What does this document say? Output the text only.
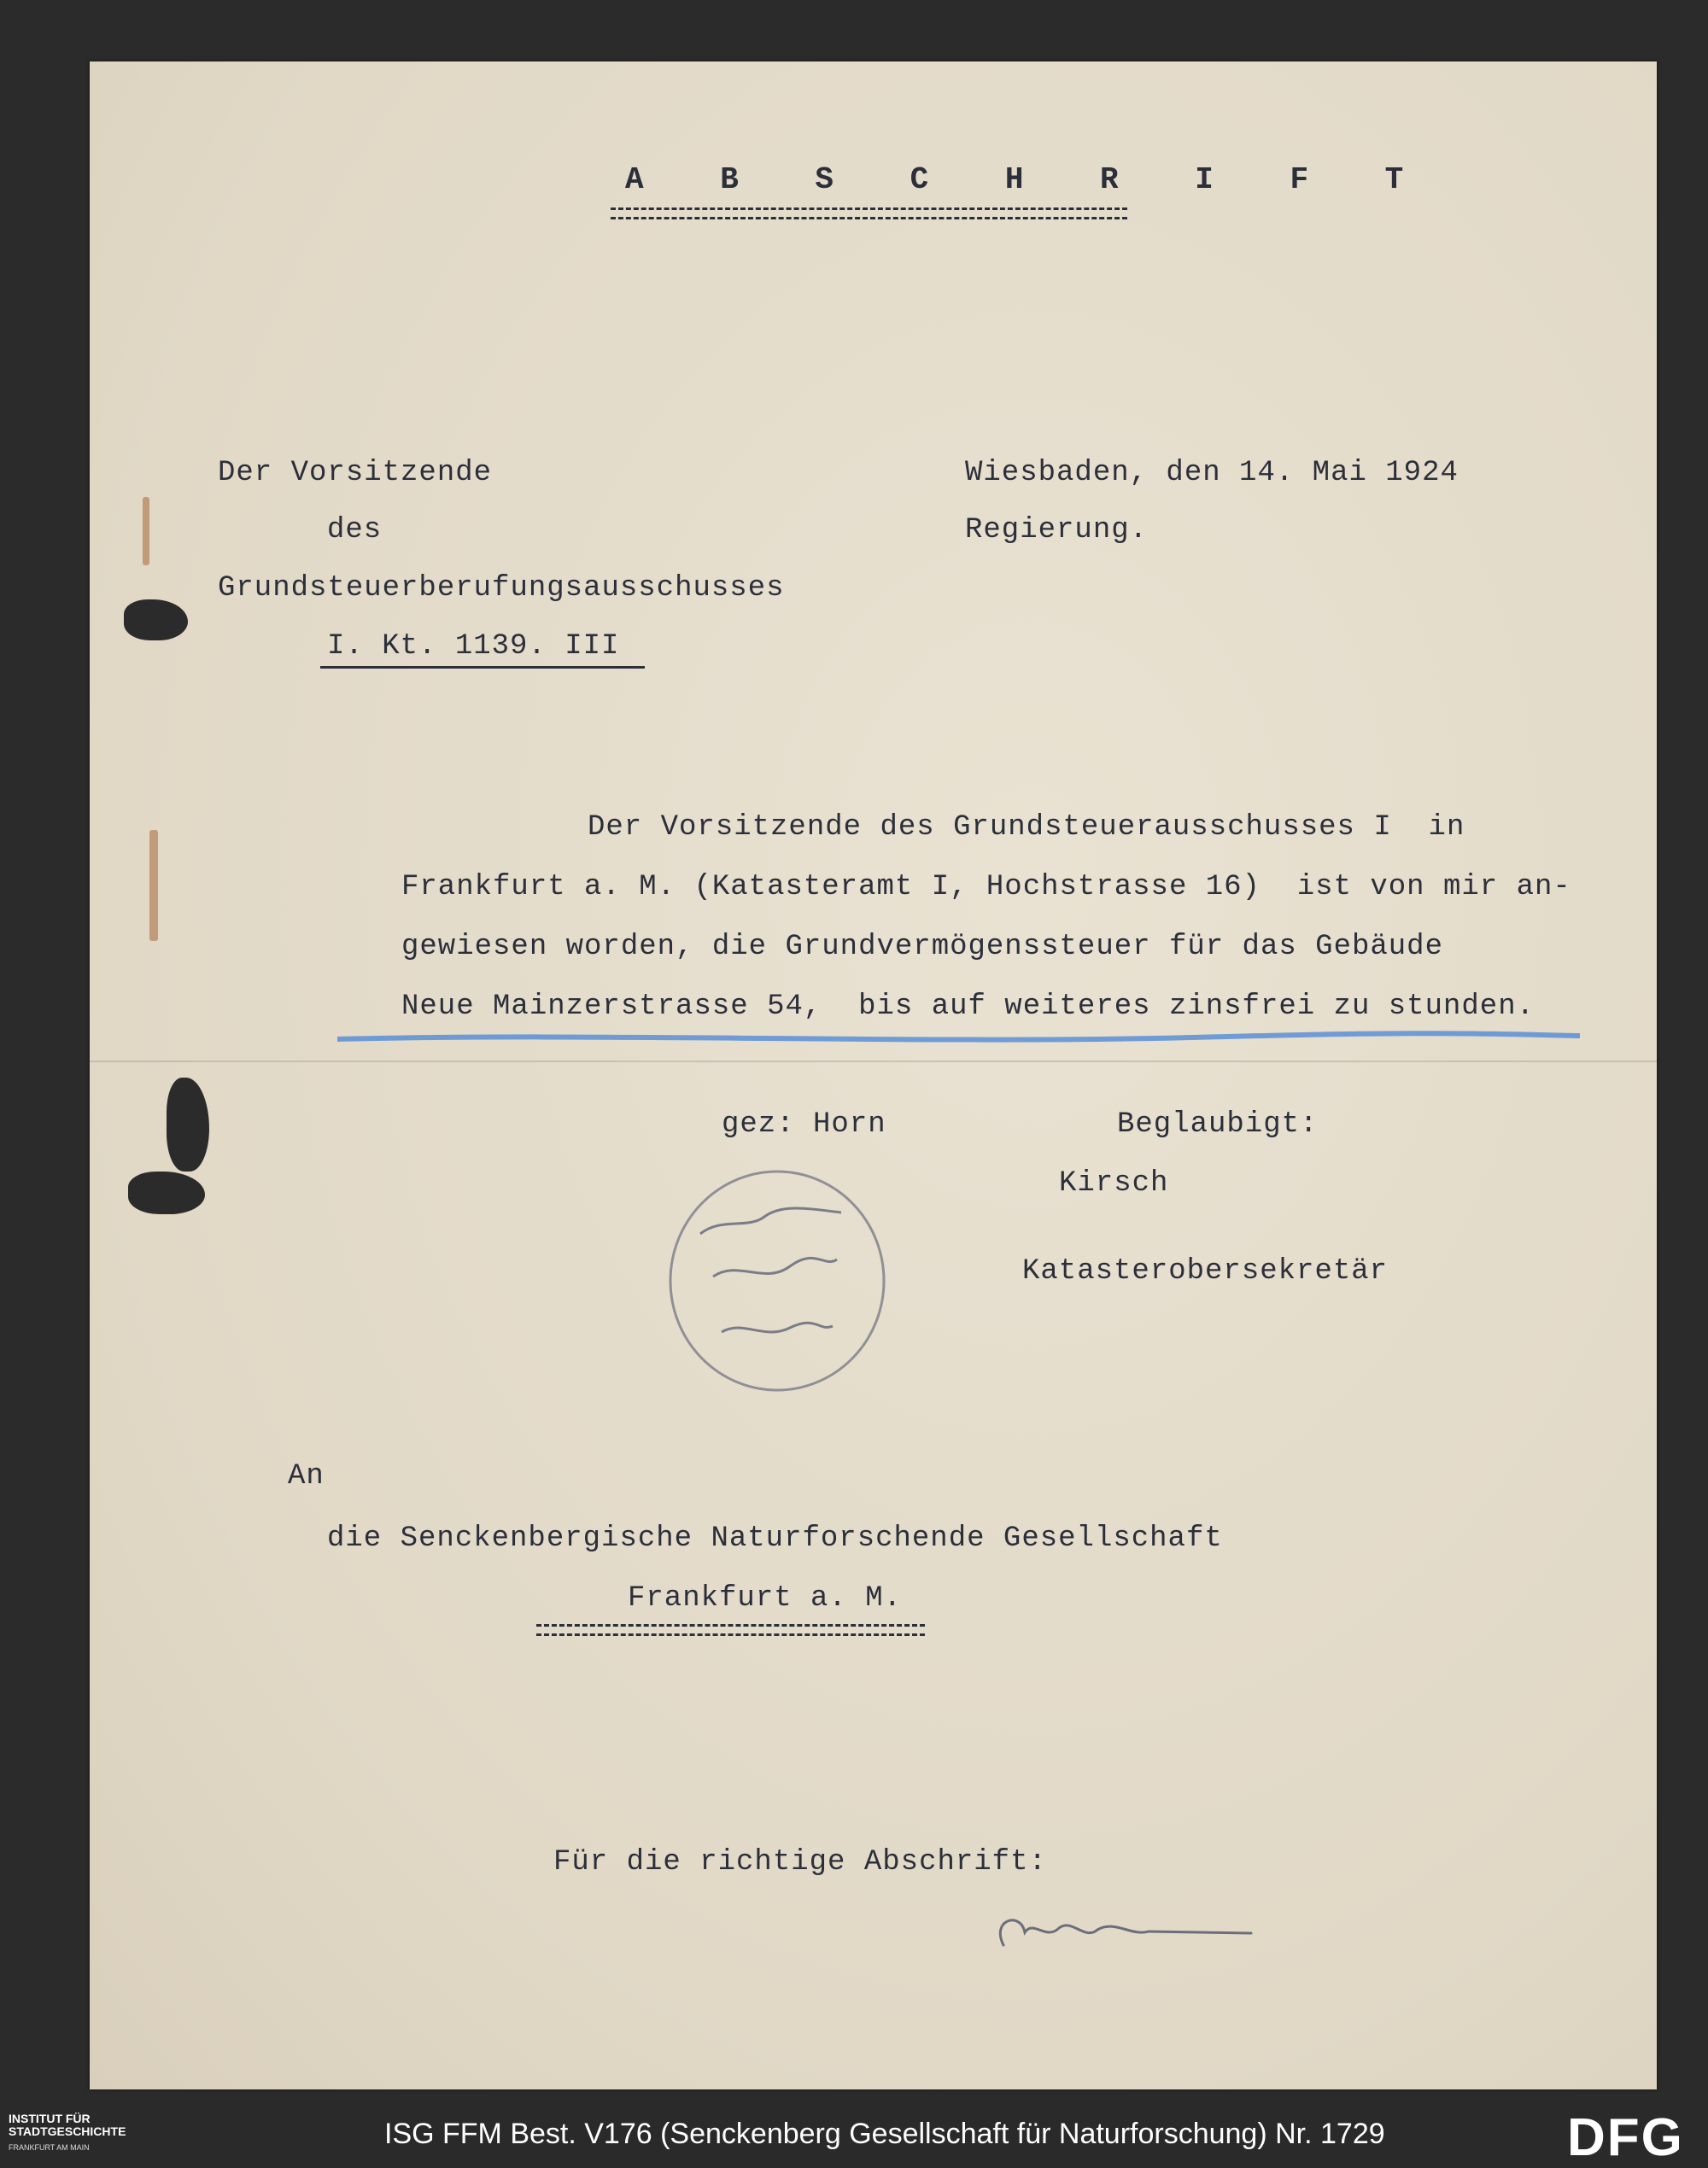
A B S C H R I F T
Der Vorsitzende
des
Grundsteuerberufungsausschusses
I. Kt. 1139. III
Wiesbaden, den 14. Mai 1924
Regierung.
Der Vorsitzende des Grundsteuerausschusses I  in
Frankfurt a. M. (Katasteramt I, Hochstrasse 16)  ist von mir an-
gewiesen worden, die Grundvermögenssteuer für das Gebäude
Neue Mainzerstrasse 54,  bis auf weiteres zinsfrei zu stunden.
gez: Horn	Beglaubigt:
Kirsch
Katasterobersekretär
An
die Senckenbergische Naturforschende Gesellschaft
Frankfurt a. M.
Für die richtige Abschrift:
INSTITUT FÜR
STADTGESCHICHTE
FRANKFURT AM MAIN	ISG FFM Best. V176 (Senckenberg Gesellschaft für Naturforschung) Nr. 1729	DFG
